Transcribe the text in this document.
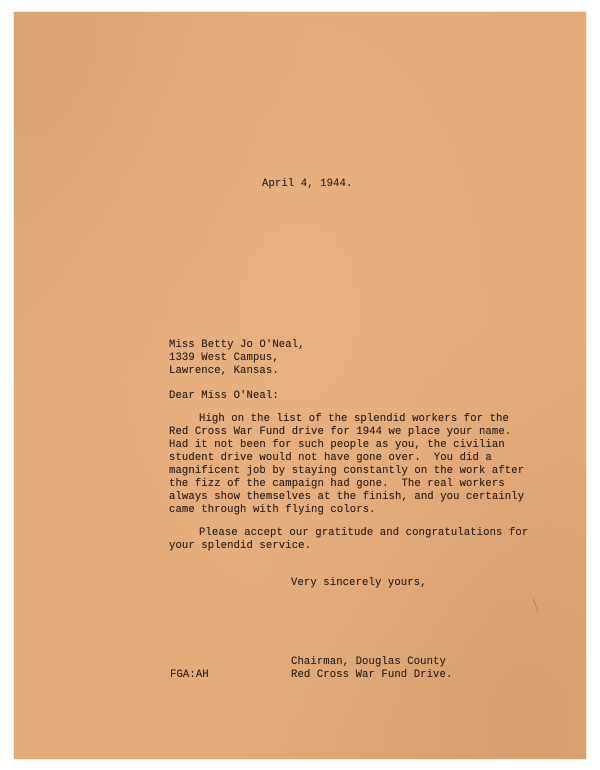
April 4, 1944.
Miss Betty Jo O'Neal,
1339 West Campus,
Lawrence, Kansas.
Dear Miss O'Neal:
High on the list of the splendid workers for the
Red Cross War Fund drive for 1944 we place your name.
Had it not been for such people as you, the civilian
student drive would not have gone over.  You did a
magnificent job by staying constantly on the work after
the fizz of the campaign had gone.  The real workers
always show themselves at the finish, and you certainly
came through with flying colors.
Please accept our gratitude and congratulations for
your splendid service.
Very sincerely yours,
FGA:AH
Chairman, Douglas County
Red Cross War Fund Drive.
